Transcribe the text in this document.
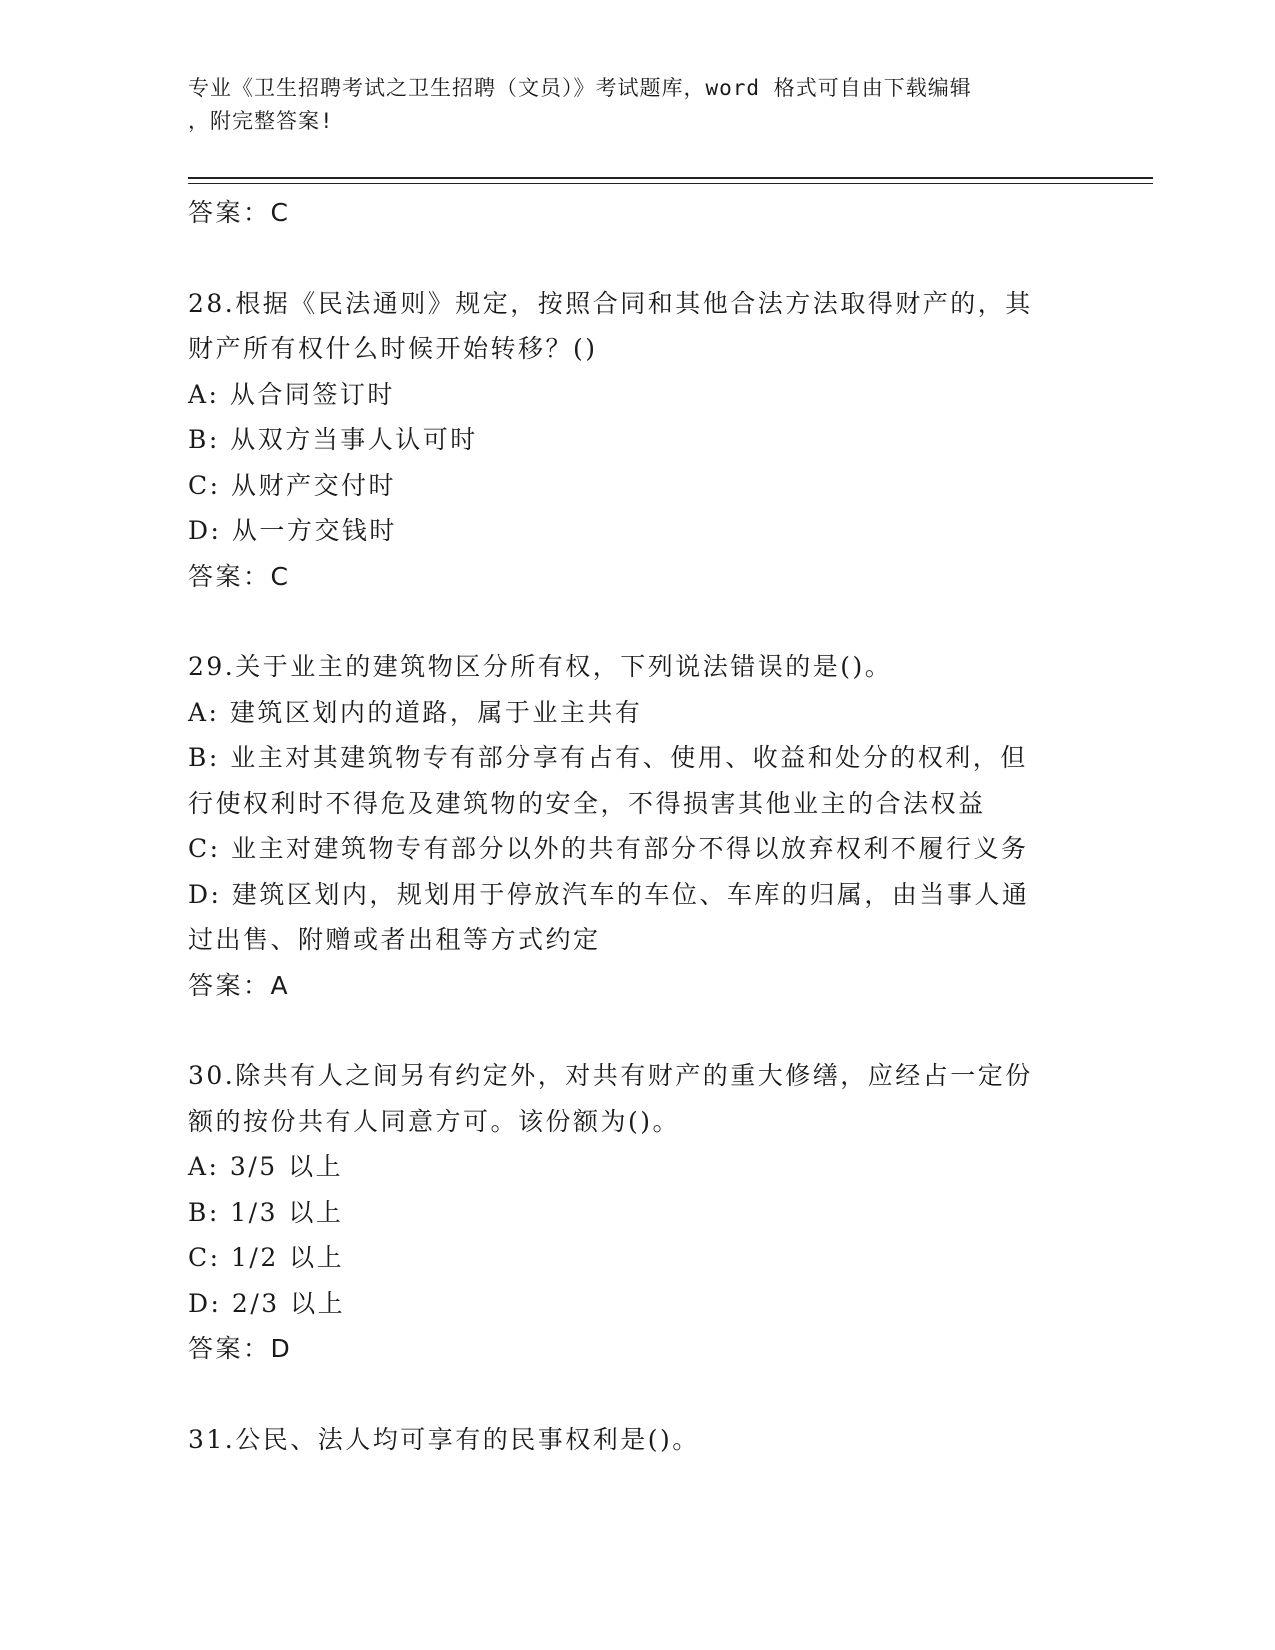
专业《卫生招聘考试之卫生招聘（文员）》考试题库，word 格式可自由下载编辑
，附完整答案!

答案：C

28.根据《民法通则》规定，按照合同和其他合法方法取得财产的，其

财产所有权什么时候开始转移？()

A: 从合同签订时

B: 从双方当事人认可时

C: 从财产交付时

D: 从一方交钱时

答案：C

29.关于业主的建筑物区分所有权，下列说法错误的是()。

A: 建筑区划内的道路，属于业主共有

B: 业主对其建筑物专有部分享有占有、使用、收益和处分的权利，但

行使权利时不得危及建筑物的安全，不得损害其他业主的合法权益

C: 业主对建筑物专有部分以外的共有部分不得以放弃权利不履行义务

D: 建筑区划内，规划用于停放汽车的车位、车库的归属，由当事人通

过出售、附赠或者出租等方式约定

答案：A

30.除共有人之间另有约定外，对共有财产的重大修缮，应经占一定份

额的按份共有人同意方可。该份额为()。

A: 3/5 以上

B: 1/3 以上

C: 1/2 以上

D: 2/3 以上

答案：D

31.公民、法人均可享有的民事权利是()。
